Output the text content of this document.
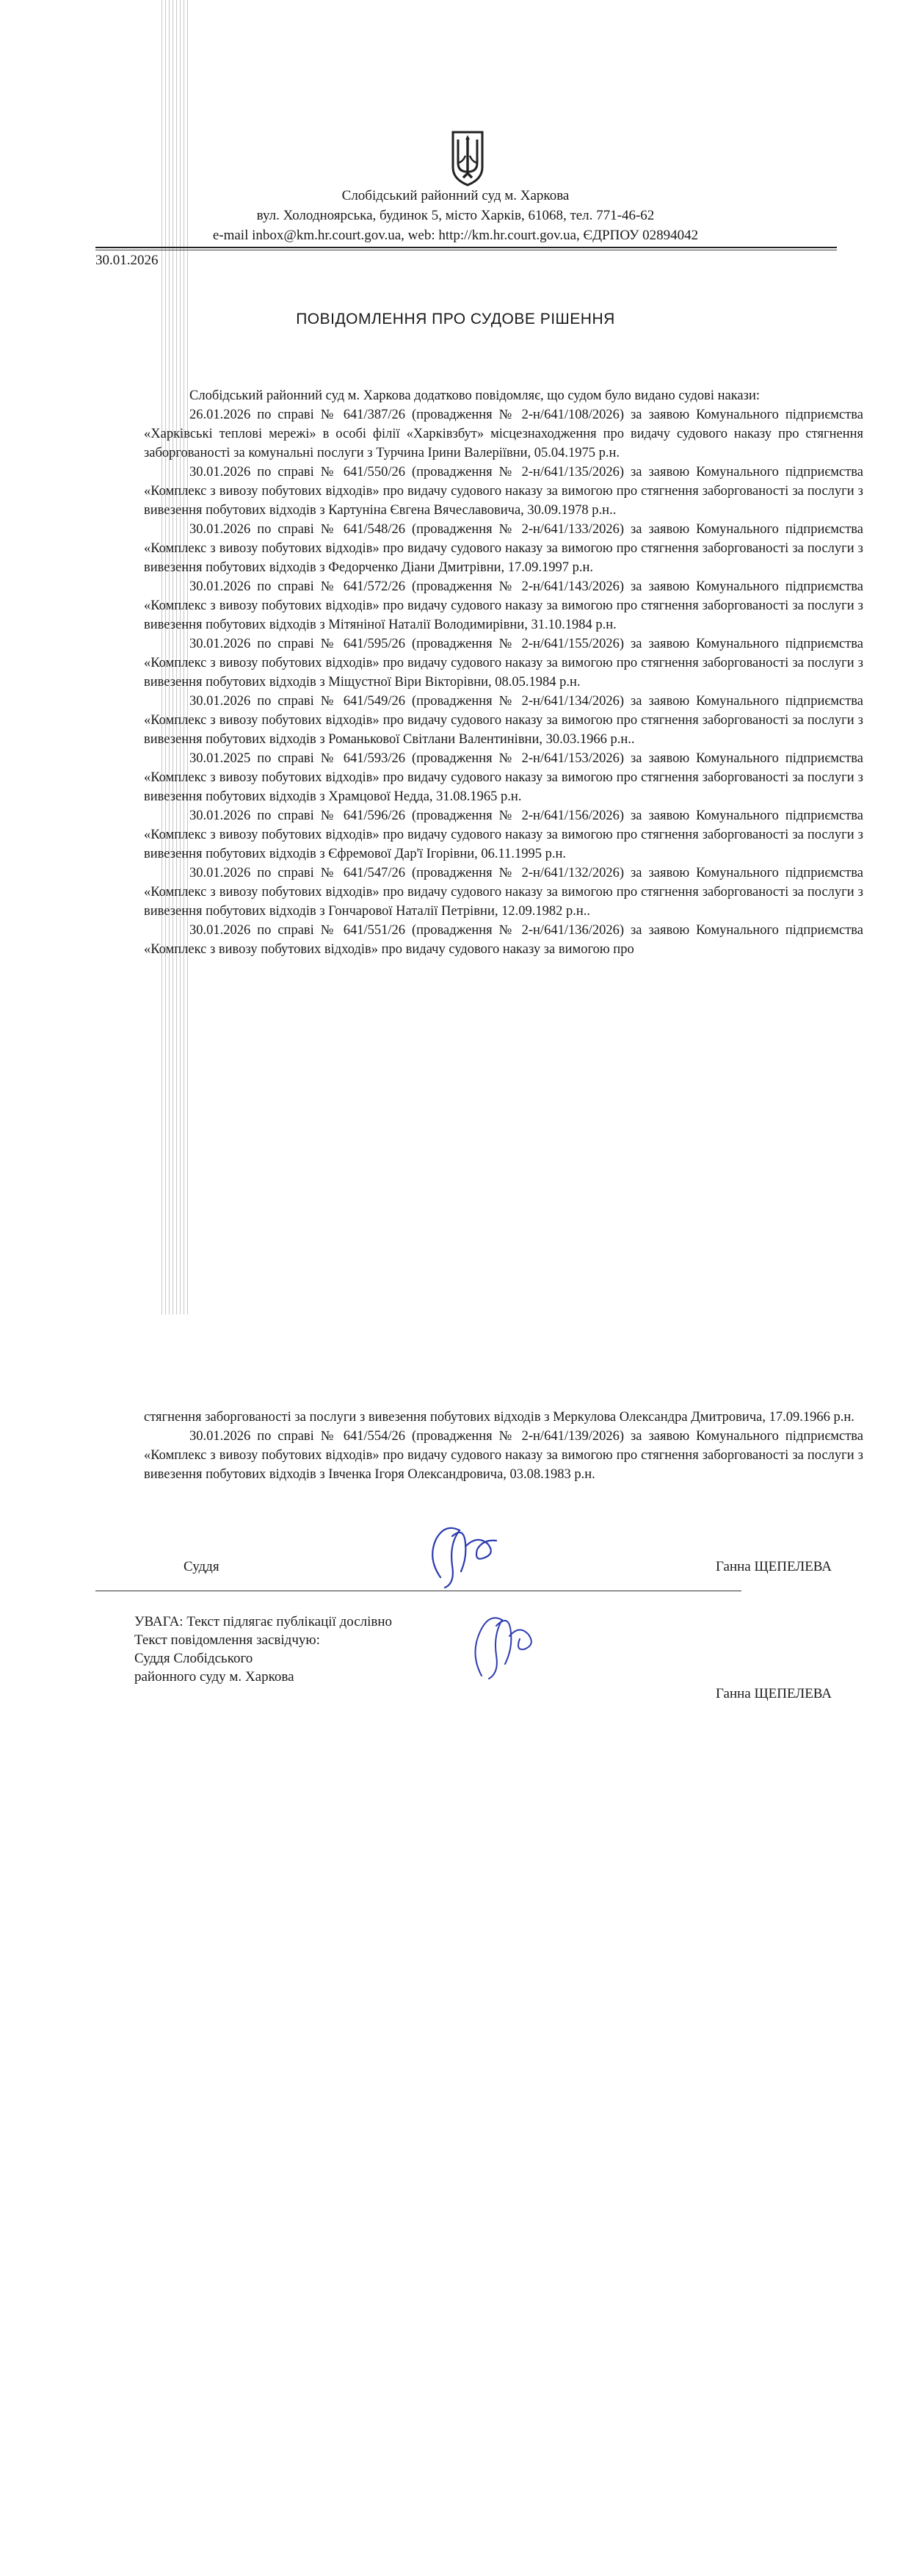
Слобідський районний суд м. Харкова
вул. Холодноярська, будинок 5, місто Харків, 61068, тел. 771-46-62
e-mail inbox@km.hr.court.gov.ua, web: http://km.hr.court.gov.ua, ЄДРПОУ 02894042
30.01.2026
ПОВІДОМЛЕННЯ ПРО СУДОВЕ РІШЕННЯ

Слобідський районний суд м. Харкова додатково повідомляє, що судом було видано судові накази:

26.01.2026 по справі № 641/387/26 (провадження № 2-н/641/108/2026) за заявою Комунального підприємства «Харківські теплові мережі» в особі філії «Харківзбут» місцезнаходження про видачу судового наказу про стягнення заборгованості за комунальні послуги з Турчина Ірини Валеріївни, 05.04.1975 р.н.

30.01.2026 по справі № 641/550/26 (провадження № 2-н/641/135/2026) за заявою Комунального підприємства «Комплекс з вивозу побутових відходів» про видачу судового наказу за вимогою про стягнення заборгованості за послуги з вивезення побутових відходів з Картуніна Євгена Вячеславовича, 30.09.1978 р.н..

30.01.2026 по справі № 641/548/26 (провадження № 2-н/641/133/2026) за заявою Комунального підприємства «Комплекс з вивозу побутових відходів» про видачу судового наказу за вимогою про стягнення заборгованості за послуги з вивезення побутових відходів з Федорченко Діани Дмитрівни, 17.09.1997 р.н.

30.01.2026 по справі № 641/572/26 (провадження № 2-н/641/143/2026) за заявою Комунального підприємства «Комплекс з вивозу побутових відходів» про видачу судового наказу за вимогою про стягнення заборгованості за послуги з вивезення побутових відходів з Мітяніної Наталії Володимирівни, 31.10.1984 р.н.

30.01.2026 по справі № 641/595/26 (провадження № 2-н/641/155/2026) за заявою Комунального підприємства «Комплекс з вивозу побутових відходів» про видачу судового наказу за вимогою про стягнення заборгованості за послуги з вивезення побутових відходів з Міщустної Віри Вікторівни, 08.05.1984 р.н.

30.01.2026 по справі № 641/549/26 (провадження № 2-н/641/134/2026) за заявою Комунального підприємства «Комплекс з вивозу побутових відходів» про видачу судового наказу за вимогою про стягнення заборгованості за послуги з вивезення побутових відходів з Романькової Світлани Валентинівни, 30.03.1966 р.н..

30.01.2025 по справі № 641/593/26 (провадження № 2-н/641/153/2026) за заявою Комунального підприємства «Комплекс з вивозу побутових відходів» про видачу судового наказу за вимогою про стягнення заборгованості за послуги з вивезення побутових відходів з Храмцової Недда, 31.08.1965 р.н.

30.01.2026 по справі № 641/596/26 (провадження № 2-н/641/156/2026) за заявою Комунального підприємства «Комплекс з вивозу побутових відходів» про видачу судового наказу за вимогою про стягнення заборгованості за послуги з вивезення побутових відходів з Єфремової Дар'ї Ігорівни, 06.11.1995 р.н.

30.01.2026 по справі № 641/547/26 (провадження № 2-н/641/132/2026) за заявою Комунального підприємства «Комплекс з вивозу побутових відходів» про видачу судового наказу за вимогою про стягнення заборгованості за послуги з вивезення побутових відходів з Гончарової Наталії Петрівни, 12.09.1982 р.н..

30.01.2026 по справі № 641/551/26 (провадження № 2-н/641/136/2026) за заявою Комунального підприємства «Комплекс з вивозу побутових відходів» про видачу судового наказу за вимогою про

стягнення заборгованості за послуги з вивезення побутових відходів з Меркулова Олександра Дмитровича, 17.09.1966 р.н.

30.01.2026 по справі № 641/554/26 (провадження № 2-н/641/139/2026) за заявою Комунального підприємства «Комплекс з вивозу побутових відходів» про видачу судового наказу за вимогою про стягнення заборгованості за послуги з вивезення побутових відходів з Івченка Ігоря Олександровича, 03.08.1983 р.н.

Суддя	Ганна ЩЕПЕЛЕВА
УВАГА: Текст підлягає публікації дослівно
Текст повідомлення засвідчую:
Суддя Слобідського
районного суду м. Харкова
Ганна ЩЕПЕЛЕВА
